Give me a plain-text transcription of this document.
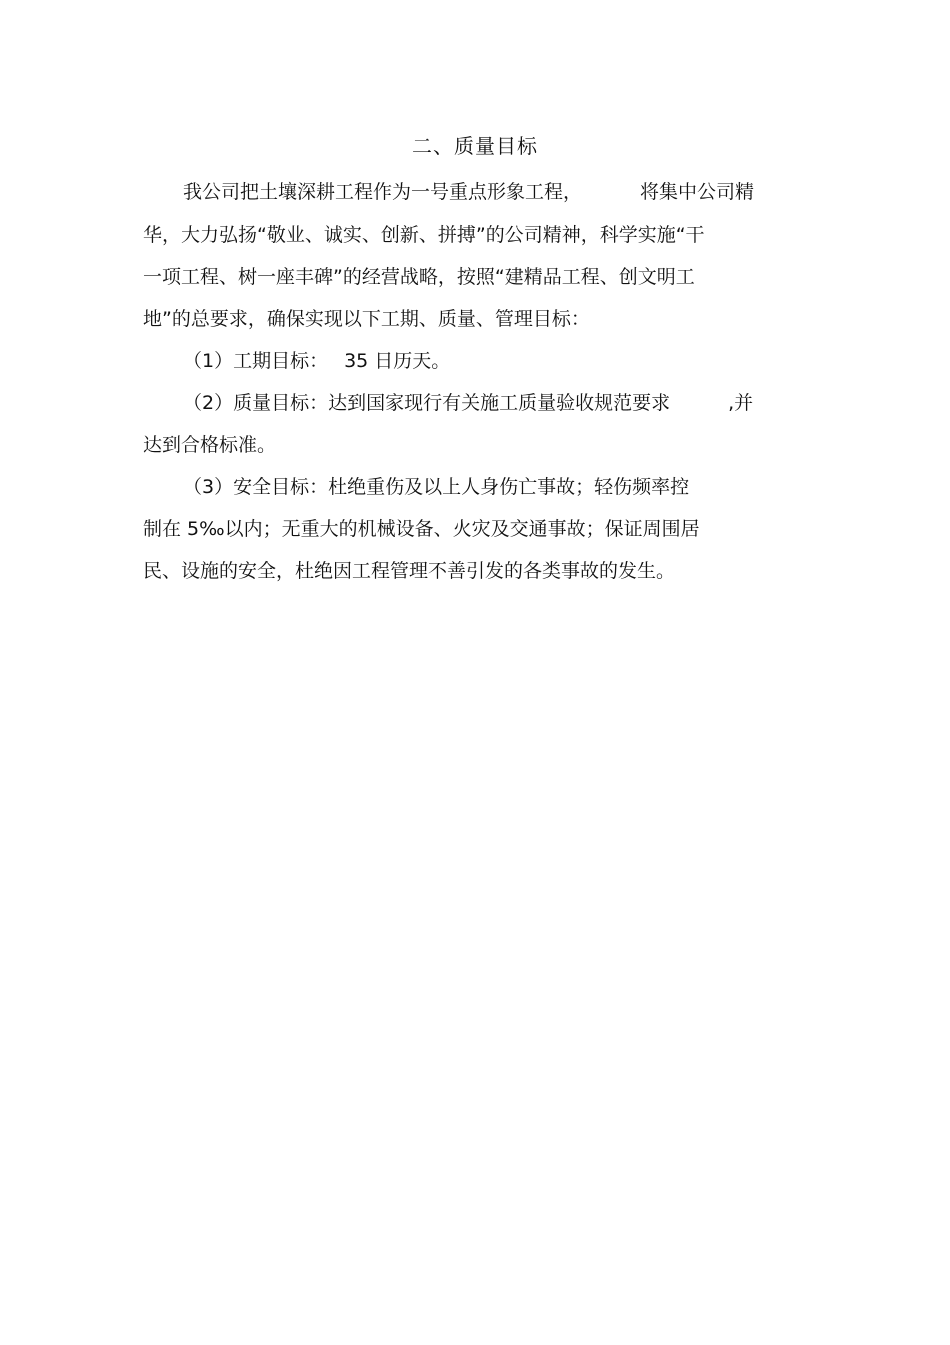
二、质量目标
我公司把土壤深耕工程作为一号重点形象工程，	将集中公司精
华，大力弘扬“敬业、诚实、创新、拼搏”的公司精神，科学实施“干
一项工程、树一座丰碑”的经营战略，按照“建精品工程、创文明工
地”的总要求，确保实现以下工期、质量、管理目标：
（1）工期目标： 35 日历天。
（2）质量目标：达到国家现行有关施工质量验收规范要求	,并
达到合格标准。
（3）安全目标：杜绝重伤及以上人身伤亡事故；轻伤频率控
制在 5‰以内；无重大的机械设备、火灾及交通事故；保证周围居
民、设施的安全，杜绝因工程管理不善引发的各类事故的发生。
